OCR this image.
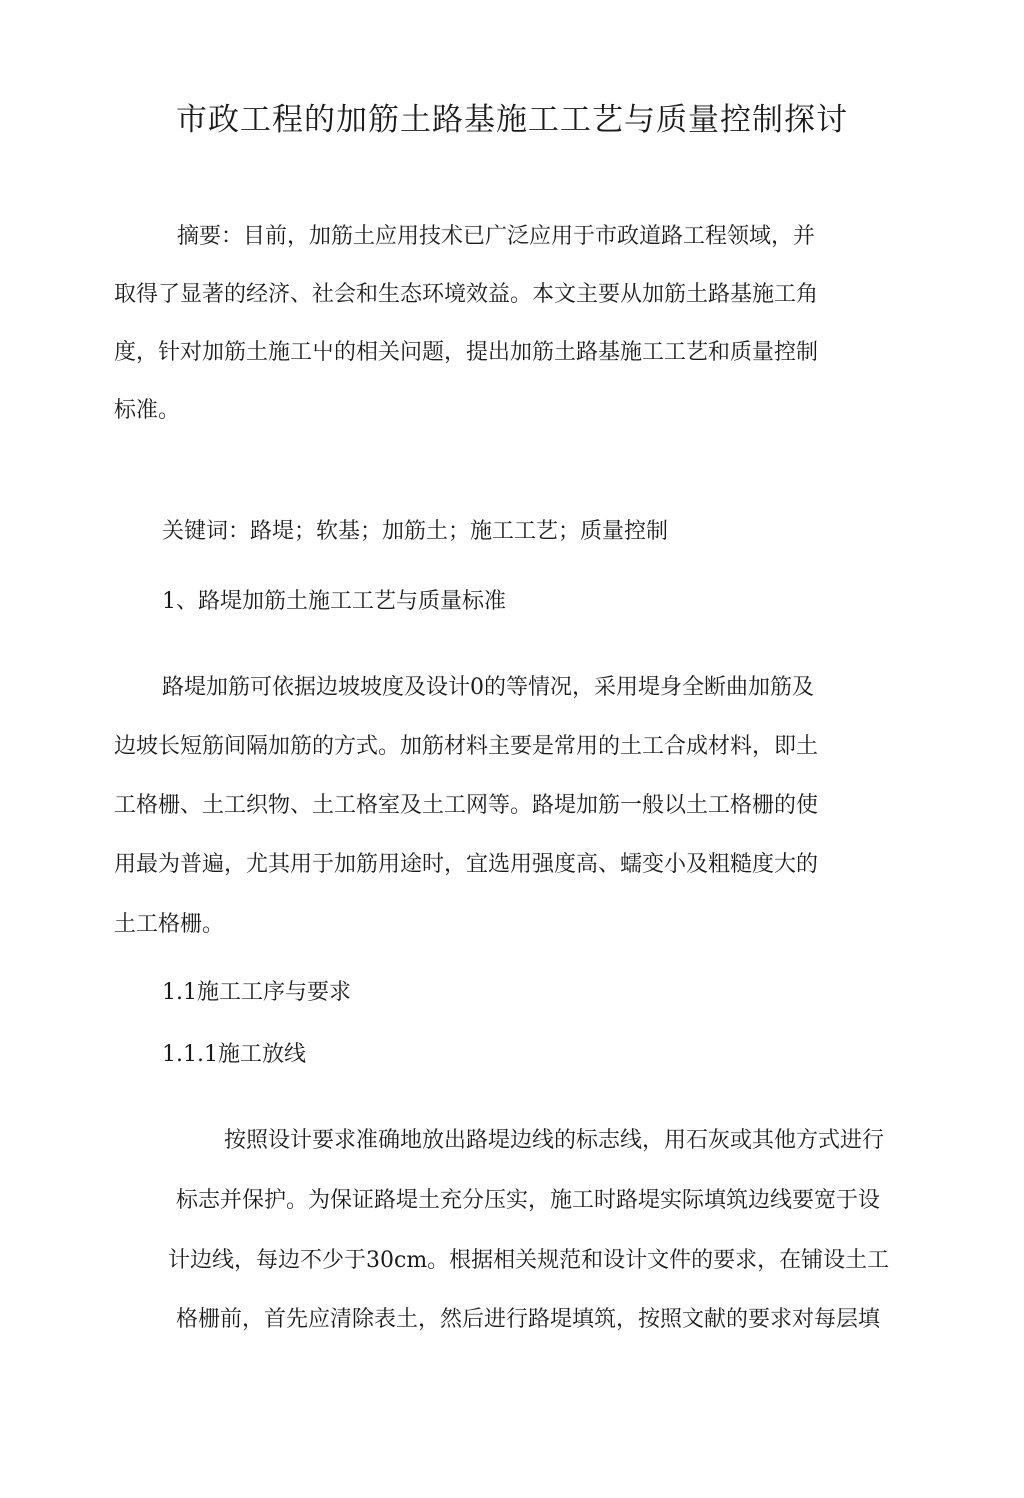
市政工程的加筋土路基施工工艺与质量控制探讨

摘要：目前，加筋土应用技术已广泛应用于市政道路工程领域，并

取得了显著的经济、社会和生态环境效益。本文主要从加筋土路基施工角

度，针对加筋土施工屮的相关问题，提出加筋土路基施工工艺和质量控制

标准。

关键词：路堤；软基；加筋土；施工工艺；质量控制

1、路堤加筋土施工工艺与质量标准

路堤加筋可依据边坡坡度及设计0的等情况，采用堤身全断曲加筋及

边坡长短筋间隔加筋的方式。加筋材料主要是常用的土工合成材料，即土

工格栅、土工织物、土工格室及土工网等。路堤加筋一般以土工格栅的使

用最为普遍，尤其用于加筋用途时，宜选用强度高、蠕变小及粗糙度大的

土工格栅。

1.1施工工序与要求

1.1.1施工放线

按照设计要求准确地放出路堤边线的标志线，用石灰或其他方式进行

标志并保护。为保证路堤土充分压实，施工时路堤实际填筑边线要宽于设

计边线，每边不少于30cm。根据相关规范和设计文件的要求，在铺设土工

格栅前，首先应清除表土，然后进行路堤填筑，按照文献的要求对每层填
